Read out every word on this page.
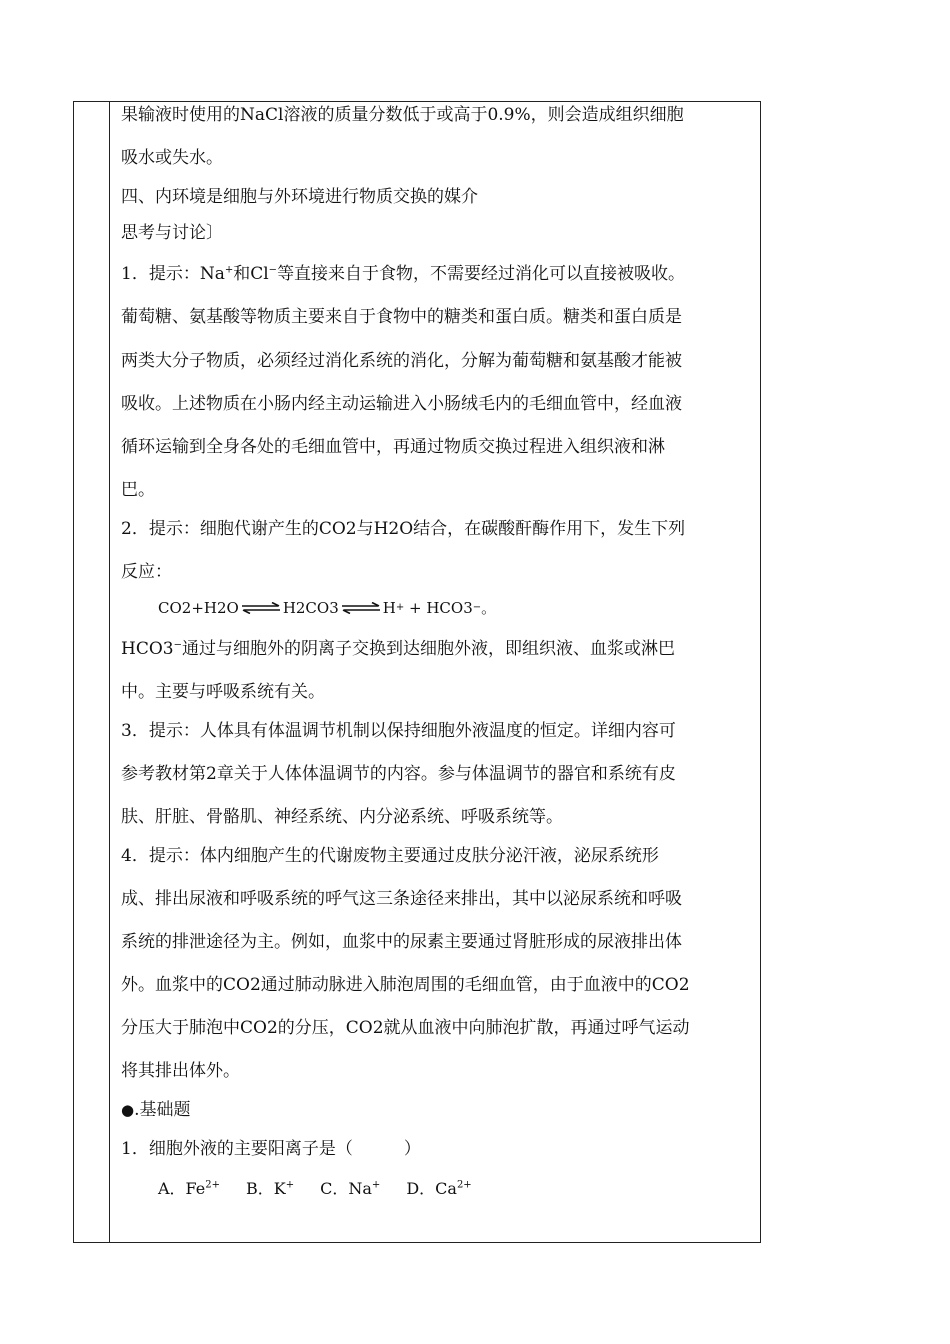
果输液时使用的NaCl溶液的质量分数低于或高于0.9%，则会造成组织细胞
吸水或失水。
四、内环境是细胞与外环境进行物质交换的媒介
思考与讨论〕
1．提示：Na+和Cl−等直接来自于食物，不需要经过消化可以直接被吸收。
葡萄糖、氨基酸等物质主要来自于食物中的糖类和蛋白质。糖类和蛋白质是
两类大分子物质，必须经过消化系统的消化，分解为葡萄糖和氨基酸才能被
吸收。上述物质在小肠内经主动运输进入小肠绒毛内的毛细血管中，经血液
循环运输到全身各处的毛细血管中，再通过物质交换过程进入组织液和淋
巴。
2．提示：细胞代谢产生的CO2与H2O结合，在碳酸酐酶作用下，发生下列
反应：
CO2+H2O ⇌ H2CO3 ⇌ H + + HCO3 − 。
HCO3−通过与细胞外的阴离子交换到达细胞外液，即组织液、血浆或淋巴
中。主要与呼吸系统有关。
3．提示：人体具有体温调节机制以保持细胞外液温度的恒定。详细内容可
参考教材第2章关于人体体温调节的内容。参与体温调节的器官和系统有皮
肤、肝脏、骨骼肌、神经系统、内分泌系统、呼吸系统等。
4．提示：体内细胞产生的代谢废物主要通过皮肤分泌汗液，泌尿系统形
成、排出尿液和呼吸系统的呼气这三条途径来排出，其中以泌尿系统和呼吸
系统的排泄途径为主。例如，血浆中的尿素主要通过肾脏形成的尿液排出体
外。血浆中的CO2通过肺动脉进入肺泡周围的毛细血管，由于血液中的CO2
分压大于肺泡中CO2的分压，CO2就从血液中向肺泡扩散，再通过呼气运动
将其排出体外。
●.基础题
1．细胞外液的主要阳离子是（　　　）
A．$Fe^{2+}$ B．K+ C．Na+ D．$Ca^{2+}$
